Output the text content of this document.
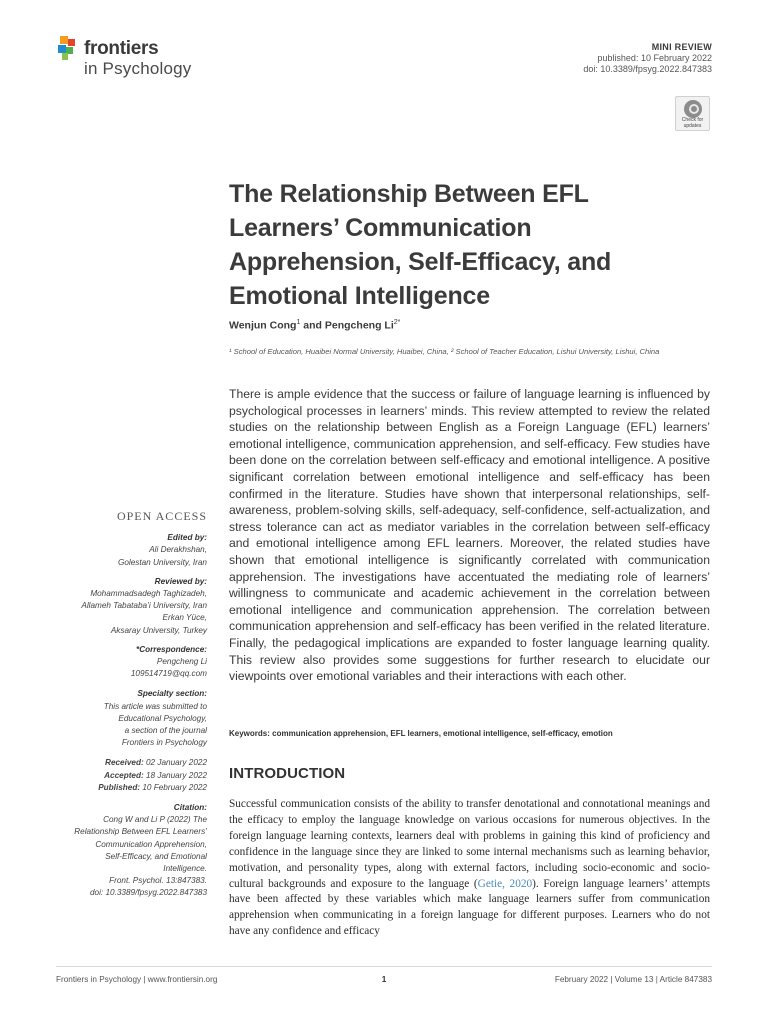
frontiers
in Psychology
MINI REVIEW
published: 10 February 2022
doi: 10.3389/fpsyg.2022.847383
Check for updates
The Relationship Between EFL Learners’ Communication Apprehension, Self-Efficacy, and Emotional Intelligence
Wenjun Cong$^1$ and Pengcheng $Li^{2*}$
¹ School of Education, Huaibei Normal University, Huaibei, China, ² School of Teacher Education, Lishui University, Lishui, China

There is ample evidence that the success or failure of language learning is influenced by psychological processes in learners’ minds. This review attempted to review the related studies on the relationship between English as a Foreign Language (EFL) learners’ emotional intelligence, communication apprehension, and self-efficacy. Few studies have been done on the correlation between self-efficacy and emotional intelligence. A positive significant correlation between emotional intelligence and self-efficacy has been confirmed in the literature. Studies have shown that interpersonal relationships, self-awareness, problem-solving skills, self-adequacy, self-confidence, self-actualization, and stress tolerance can act as mediator variables in the correlation between self-efficacy and emotional intelligence among EFL learners. Moreover, the related studies have shown that emotional intelligence is significantly correlated with communication apprehension. The investigations have accentuated the mediating role of learners’ willingness to communicate and academic achievement in the correlation between emotional intelligence and communication apprehension. The correlation between communication apprehension and self-efficacy has been verified in the related literature. Finally, the pedagogical implications are expanded to foster language learning quality. This review also provides some suggestions for further research to elucidate our viewpoints over emotional variables and their interactions with each other.

Keywords: communication apprehension, EFL learners, emotional intelligence, self-efficacy, emotion
INTRODUCTION

Successful communication consists of the ability to transfer denotational and connotational meanings and the efficacy to employ the language knowledge on various occasions for numerous objectives. In the foreign language learning contexts, learners deal with problems in gaining this kind of proficiency and confidence in the language since they are linked to some internal mechanisms such as learning behavior, motivation, and personality types, along with external factors, including socio-economic and socio-cultural backgrounds and exposure to the language (Getie, 2020). Foreign language learners’ attempts have been affected by these variables which make language learners suffer from communication apprehension when communicating in a foreign language for different purposes. Learners who do not have any confidence and efficacy

OPEN ACCESS
Edited by:
Ali Derakhshan,
Golestan University, Iran
Reviewed by:
Mohammadsadegh Taghizadeh,
Allameh Tabataba’i University, Iran
Erkan Yüce,
Aksaray University, Turkey
*Correspondence:
Pengcheng Li
109514719@qq.com
Specialty section:
This article was submitted to
Educational Psychology,
a section of the journal
Frontiers in Psychology
Received: 02 January 2022
Accepted: 18 January 2022
Published: 10 February 2022
Citation:
Cong W and Li P (2022) The
Relationship Between EFL Learners’
Communication Apprehension,
Self-Efficacy, and Emotional
Intelligence.
Front. Psychol. 13:847383.
doi: 10.3389/fpsyg.2022.847383
Frontiers in Psychology | www.frontiersin.org	1	February 2022 | Volume 13 | Article 847383
